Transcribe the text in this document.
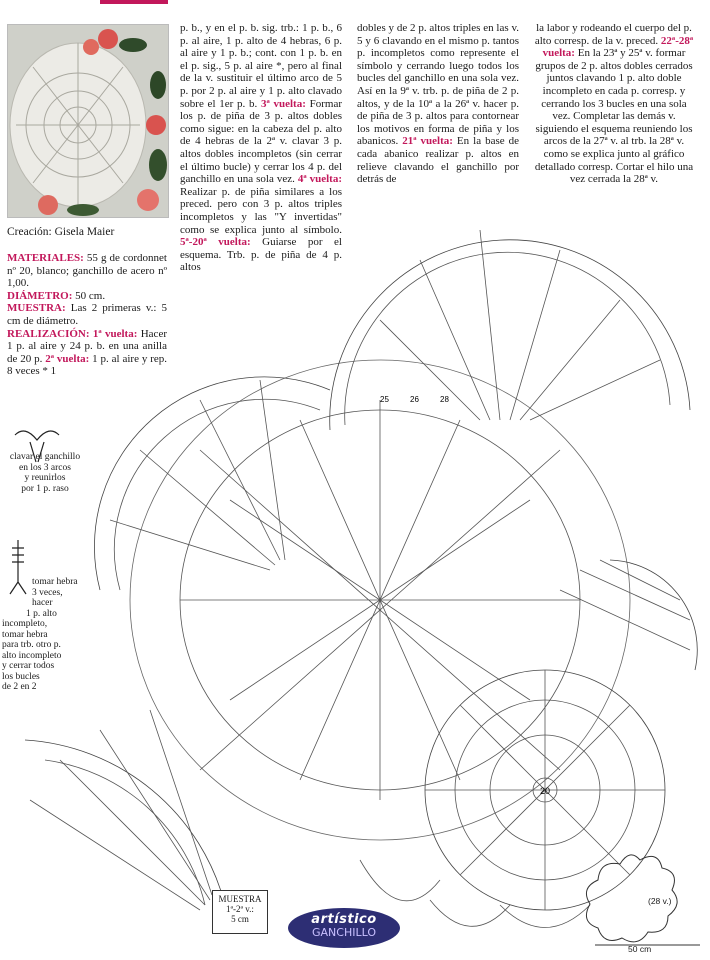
Creación: Gisela Maier

MATERIALES: 55 g de cordonnet nº 20, blanco; ganchillo de acero nº 1,00.

DIÁMETRO: 50 cm.

MUESTRA: Las 2 primeras v.: 5 cm de diámetro.

REALIZACIÓN: 1ª vuelta: Hacer 1 p. al aire y 24 p. b. en una anilla de 20 p. 2ª vuelta: 1 p. al aire y rep. 8 veces * 1

p. b., y en el p. b. sig. trb.: 1 p. b., 6 p. al aire, 1 p. alto de 4 hebras, 6 p. al aire y 1 p. b.; cont. con 1 p. b. en el p. sig., 5 p. al aire *, pero al final de la v. sustituir el último arco de 5 p. por 2 p. al aire y 1 p. alto clavado sobre el 1er p. b. 3ª vuelta: Formar los p. de piña de 3 p. altos dobles como sigue: en la cabeza del p. alto de 4 hebras de la 2ª v. clavar 3 p. altos dobles incompletos (sin cerrar el último bucle) y cerrar los 4 p. del ganchillo en una sola vez. 4ª vuelta: Realizar p. de piña similares a los preced. pero con 3 p. altos triples incompletos y las "Y invertidas" como se explica junto al símbolo. 5ª-20ª vuelta: Guiarse por el esquema. Trb. p. de piña de 4 p. altos

dobles y de 2 p. altos triples en las v. 5 y 6 clavando en el mismo p. tantos p. incompletos como represente el símbolo y cerrando luego todos los bucles del ganchillo en una sola vez. Así en la 9ª v. trb. p. de piña de 2 p. altos, y de la 10ª a la 26ª v. hacer p. de piña de 3 p. altos para contornear los motivos en forma de piña y los abanicos. 21ª vuelta: En la base de cada abanico realizar p. altos en relieve clavando el ganchillo por detrás de

la labor y rodeando el cuerpo del p. alto corresp. de la v. preced. 22ª-28ª vuelta: En la 23ª y 25ª v. formar grupos de 2 p. altos dobles cerrados juntos clavando 1 p. alto doble incompleto en cada p. corresp. y cerrando los 3 bucles en una sola vez. Completar las demás v. siguiendo el esquema reuniendo los arcos de la 27ª v. al trb. la 28ª v. como se explica junto al gráfico detallado corresp. Cortar el hilo una vez cerrada la 28ª v.

20
25	26	28
clavar el ganchillo
en los 3 arcos
y reunirlos
por 1 p. raso
tomar hebra
3 veces,
hacer
1 p. alto
incompleto,
tomar hebra
para trb. otro p.
alto incompleto
y cerrar todos
los bucles
de 2 en 2
MUESTRA
1ª-2ª v.:
5 cm	artístico
GANCHILLO
(28 v.)
50 cm
